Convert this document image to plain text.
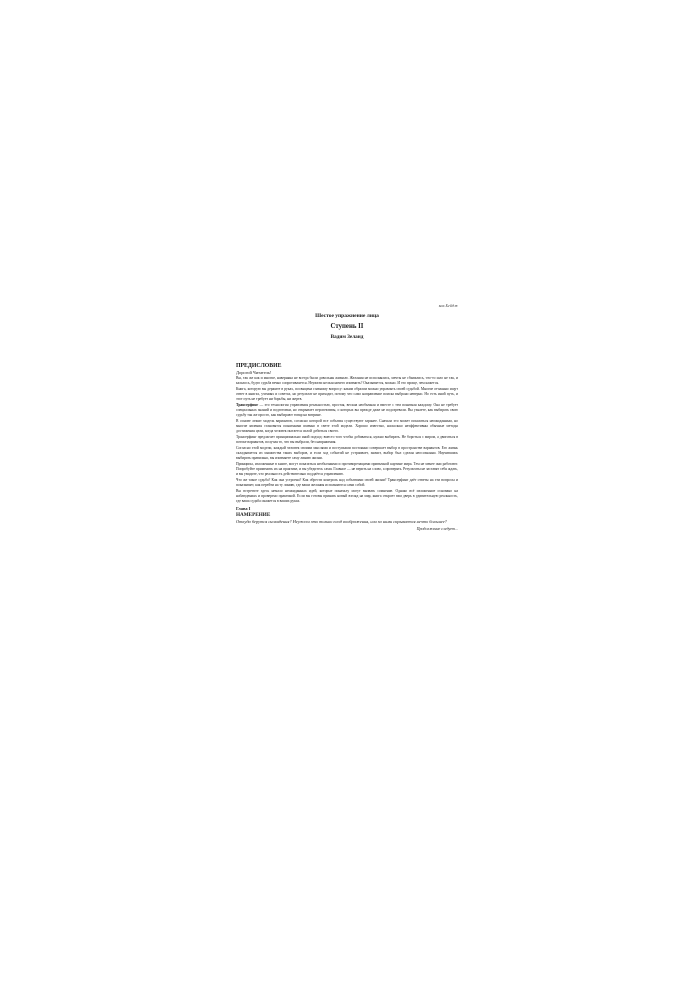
ках.Бейдж
Шестое упражнение лица
Ступень II
Вадим Зеланд
ПРЕДИСЛОВИЕ
Дорогой Читатель!

Вы, так же как и многие, наверняка не всегда были довольны жизнью. Желания не исполнялись, мечты не сбывались, что-то шло не так, и казалось, будто судьба вечно сопротивляется. Неужели нельзя ничего изменить? Оказывается, можно. И это проще, чем кажется.

Книга, которую вы держите в руках, посвящена главному вопросу: каким образом можно управлять своей судьбой. Многие отчаянно ищут ответ в книгах, учениях и советах, но результат не приходит, потому что само направление поиска выбрано неверно. Но есть иной путь, и этот путь не требует ни борьбы, ни жертв.

Трансерфинг — это технология управления реальностью, простая, весьма необычная и вместе с тем понятная каждому. Она не требует специальных знаний и подготовки, но открывает перспективы, о которых вы прежде даже не подозревали. Вы узнаете, как выбирать свою судьбу так же просто, как выбирают товар на витрине.

В основе лежит модель вариантов, согласно которой все события существуют заранее. Сначала это может показаться неожиданным, но многие явления становятся понятными именно в свете этой модели. Хорошо известно, насколько неэффективны обычные методы достижения цели, когда человек пытается силой добиться своего.

Трансерфинг предлагает принципиально иной подход: вместо того чтобы добиваться, нужно выбирать. Не бороться с миром, а двигаться в потоке вариантов, получая то, что вы выбрали, без напряжения.

Согласно этой модели, каждый человек своими мыслями и поступками постоянно совершает выбор в пространстве вариантов. Его жизнь складывается из множества таких выборов, и если ход событий не устраивает, значит, выбор был сделан неосознанно. Научившись выбирать правильно, вы изменяете саму линию жизни.

Принципы, изложенные в книге, могут показаться необычными и противоречащими привычной картине мира. Тем не менее они работают. Попробуйте применить их на практике, и вы убедитесь сами. Главное — не верить на слово, а проверять. Результаты не заставят себя ждать, и вы увидите, что реальность действительно поддаётся управлению.

Что же такое судьба? Как она устроена? Как обрести контроль над событиями своей жизни? Трансерфинг даёт ответы на эти вопросы и показывает, как перейти на ту линию, где ваши желания исполняются сами собой.

Вы встретите здесь немало неожиданных идей, которые поначалу могут вызвать сомнение. Однако всё изложенное основано на наблюдениях и проверено практикой. Если вы готовы принять новый взгляд на мир, книга откроет вам дверь в удивительную реальность, где ваша судьба окажется в ваших руках.

Глава I
НАМЕРЕНИЕ
Откуда берутся сновидения? Неужели это только плод воображения, или за ними скрывается нечто большее?
Продолжение следует...
